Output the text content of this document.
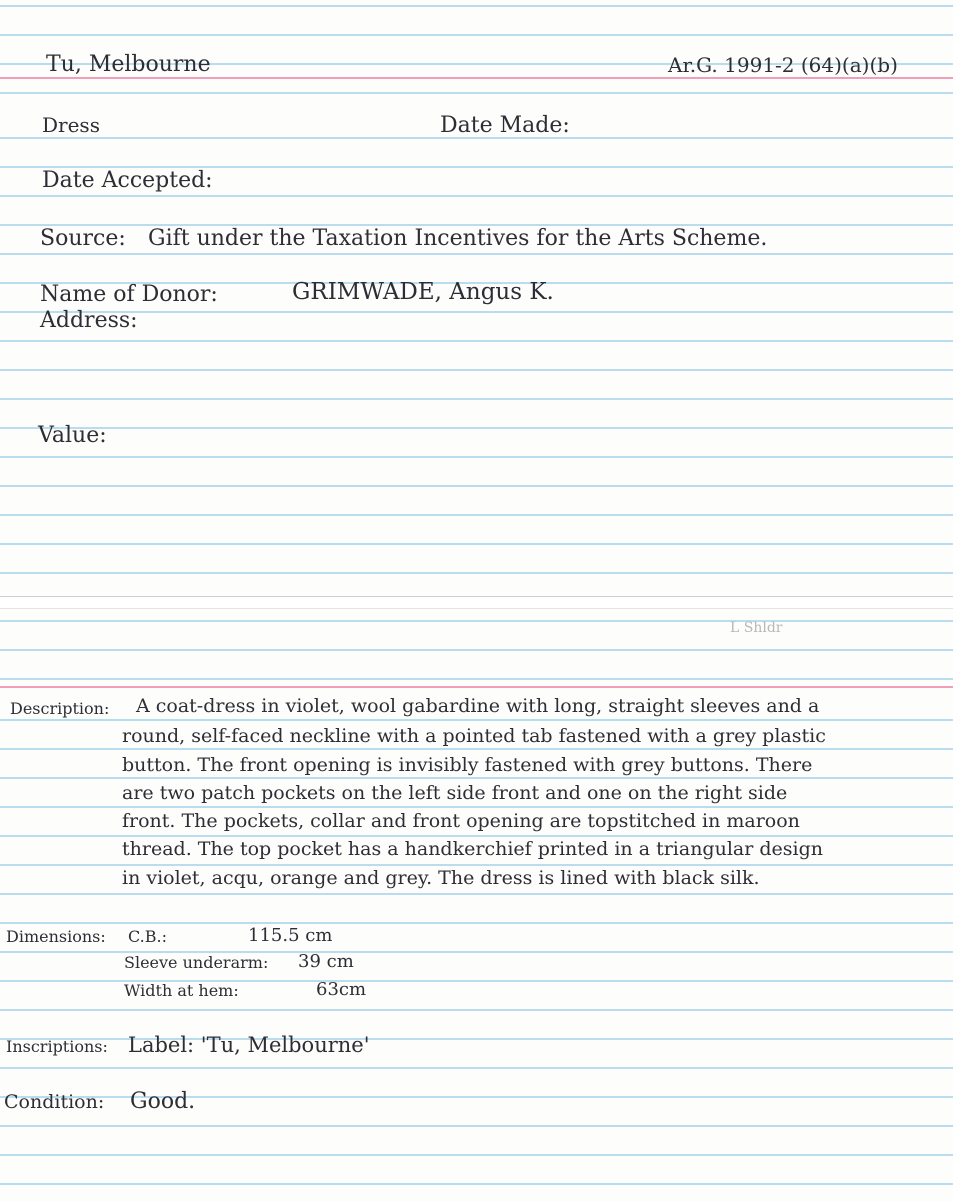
Tu, Melbourne	Ar.G. 1991-2 (64)(a)(b)
Dress	Date Made:
Date Accepted:
Source: Gift under the Taxation Incentives for the Arts Scheme.
Name of Donor:	GRIMWADE, Angus K.
Address:
Value:
L Shldr
Description: A coat-dress in violet, wool gabardine with long, straight sleeves and a
round, self-faced neckline with a pointed tab fastened with a grey plastic
button. The front opening is invisibly fastened with grey buttons. There
are two patch pockets on the left side front and one on the right side
front. The pockets, collar and front opening are topstitched in maroon
thread. The top pocket has a handkerchief printed in a triangular design
in violet, acqu, orange and grey. The dress is lined with black silk.
Dimensions: C.B.:	115.5 cm
Sleeve underarm: 39 cm
Width at hem:	63cm
Inscriptions: Label: 'Tu, Melbourne'
Condition: Good.
